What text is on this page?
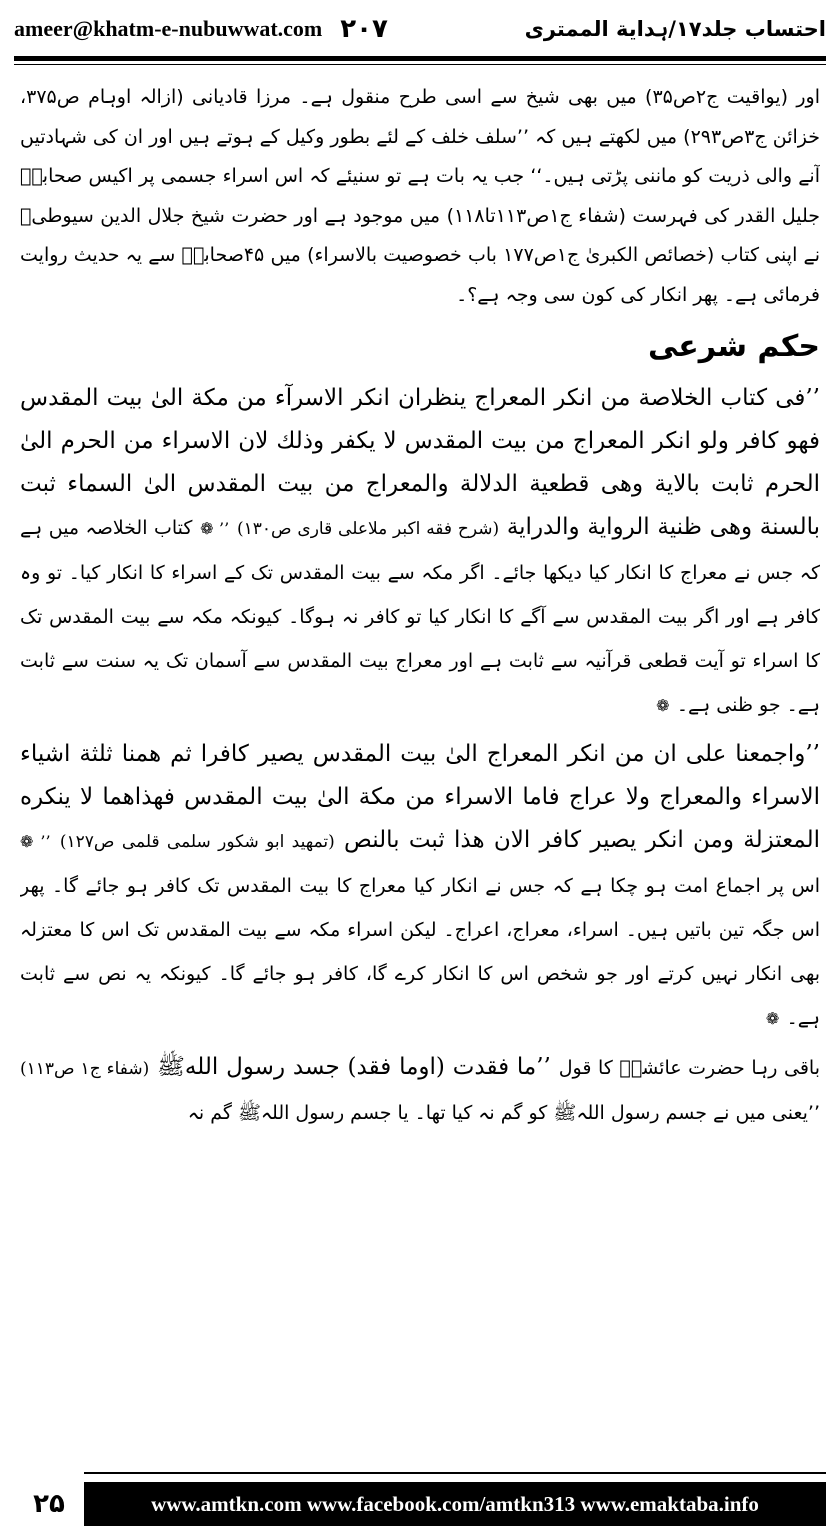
ameer@khatm-e-nubuwwat.com ۲۰۷	احتساب جلد۱۷/ہدایة الممتری

اور (یواقیت ج۲ص۳۵) میں بھی شیخ سے اسی طرح منقول ہے۔ مرزا قادیانی (ازالہ اوہام ص۳۷۵، خزائن ج۳ص۲۹۳) میں لکھتے ہیں کہ ’’سلف خلف کے لئے بطور وکیل کے ہوتے ہیں اور ان کی شہادتیں آنے والی ذریت کو ماننی پڑتی ہیں۔‘‘ جب یہ بات ہے تو سنیئے کہ اس اسراء جسمی پر اکیس صحابہؓ جلیل القدر کی فہرست (شفاء ج۱ص۱۱۳تا۱۱۸) میں موجود ہے اور حضرت شیخ جلال الدین سیوطیؒ نے اپنی کتاب (خصائص الکبریٰ ج۱ص۱۷۷ باب خصوصیت بالاسراء) میں ۴۵صحابہؓ سے یہ حدیث روایت فرمائی ہے۔ پھر انکار کی کون سی وجہ ہے؟۔

حکم شرعی

’’فی کتاب الخلاصة من انکر المعراج ینظران انکر الاسرآء من مکة الیٰ بیت المقدس فهو کافر ولو انکر المعراج من بیت المقدس لا یکفر وذلك لان الاسراء من الحرم الیٰ الحرم ثابت بالایة وهی قطعیة الدلالة والمعراج من بیت المقدس الیٰ السماء ثبت بالسنة وهی ظنیة الروایة والدرایة (شرح فقه اکبر ملاعلی قاری ص۱۳۰) ’’ ❁ کتاب الخلاصہ میں ہے کہ جس نے معراج کا انکار کیا دیکھا جائے۔ اگر مکہ سے بیت المقدس تک کے اسراء کا انکار کیا۔ تو وہ کافر ہے اور اگر بیت المقدس سے آگے کا انکار کیا تو کافر نہ ہوگا۔ کیونکہ مکہ سے بیت المقدس تک کا اسراء تو آیت قطعی قرآنیہ سے ثابت ہے اور معراج بیت المقدس سے آسمان تک یہ سنت سے ثابت ہے۔ جو ظنی ہے۔ ❁

’’واجمعنا علی ان من انکر المعراج الیٰ بیت المقدس یصیر کافرا ثم همنا ثلثة اشیاء الاسراء والمعراج ولا عراج فاما الاسراء من مکة الیٰ بیت المقدس فهذاهما لا ینکره المعتزلة ومن انکر یصیر کافر الان هذا ثبت بالنص (تمهید ابو شکور سلمی قلمی ص۱۲۷) ’’ ❁ اس پر اجماع امت ہو چکا ہے کہ جس نے انکار کیا معراج کا بیت المقدس تک کافر ہو جائے گا۔ پھر اس جگہ تین باتیں ہیں۔ اسراء، معراج، اعراج۔ لیکن اسراء مکہ سے بیت المقدس تک اس کا معتزلہ بھی انکار نہیں کرتے اور جو شخص اس کا انکار کرے گا، کافر ہو جائے گا۔ کیونکہ یہ نص سے ثابت ہے۔ ❁

باقی رہا حضرت عائشہؓ کا قول ’’ما فقدت (اوما فقد) جسد رسول اللهﷺ (شفاء ج۱ ص۱۱۳) ’’یعنی میں نے جسم رسول اللہﷺ کو گم نہ کیا تھا۔ یا جسم رسول اللہﷺ گم نہ

۲۵	www.amtkn.com www.facebook.com/amtkn313 www.emaktaba.info
